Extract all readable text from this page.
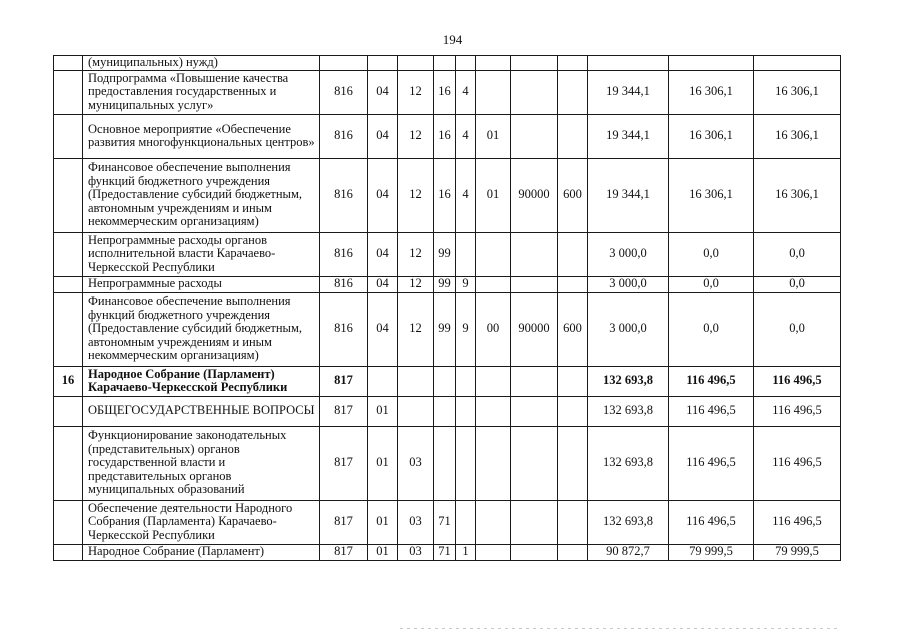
194
	(муниципальных) нужд)											
	Подпрограмма «Повышение качества предоставления государственных и муниципальных услуг»	816	04	12	16	4				19 344,1	16 306,1	16 306,1
	Основное мероприятие «Обеспечение развития многофункциональных центров»	816	04	12	16	4	01			19 344,1	16 306,1	16 306,1
	Финансовое обеспечение выполнения функций бюджетного учреждения (Предоставление субсидий бюджетным, автономным учреждениям и иным некоммерческим организациям)	816	04	12	16	4	01	90000	600	19 344,1	16 306,1	16 306,1
	Непрограммные расходы органов исполнительной власти Карачаево-Черкесской Республики	816	04	12	99					3 000,0	0,0	0,0
	Непрограммные расходы	816	04	12	99	9				3 000,0	0,0	0,0
	Финансовое обеспечение выполнения функций бюджетного учреждения (Предоставление субсидий бюджетным, автономным учреждениям и иным некоммерческим организациям)	816	04	12	99	9	00	90000	600	3 000,0	0,0	0,0
16	Народное Собрание (Парламент) Карачаево-Черкесской Республики	817								132 693,8	116 496,5	116 496,5
	ОБЩЕГОСУДАРСТВЕННЫЕ ВОПРОСЫ	817	01							132 693,8	116 496,5	116 496,5
	Функционирование законодательных (представительных) органов государственной власти и представительных органов муниципальных образований	817	01	03						132 693,8	116 496,5	116 496,5
	Обеспечение деятельности Народного Собрания (Парламента) Карачаево-Черкесской Республики	817	01	03	71					132 693,8	116 496,5	116 496,5
	Народное Собрание (Парламент)	817	01	03	71	1				90 872,7	79 999,5	79 999,5
